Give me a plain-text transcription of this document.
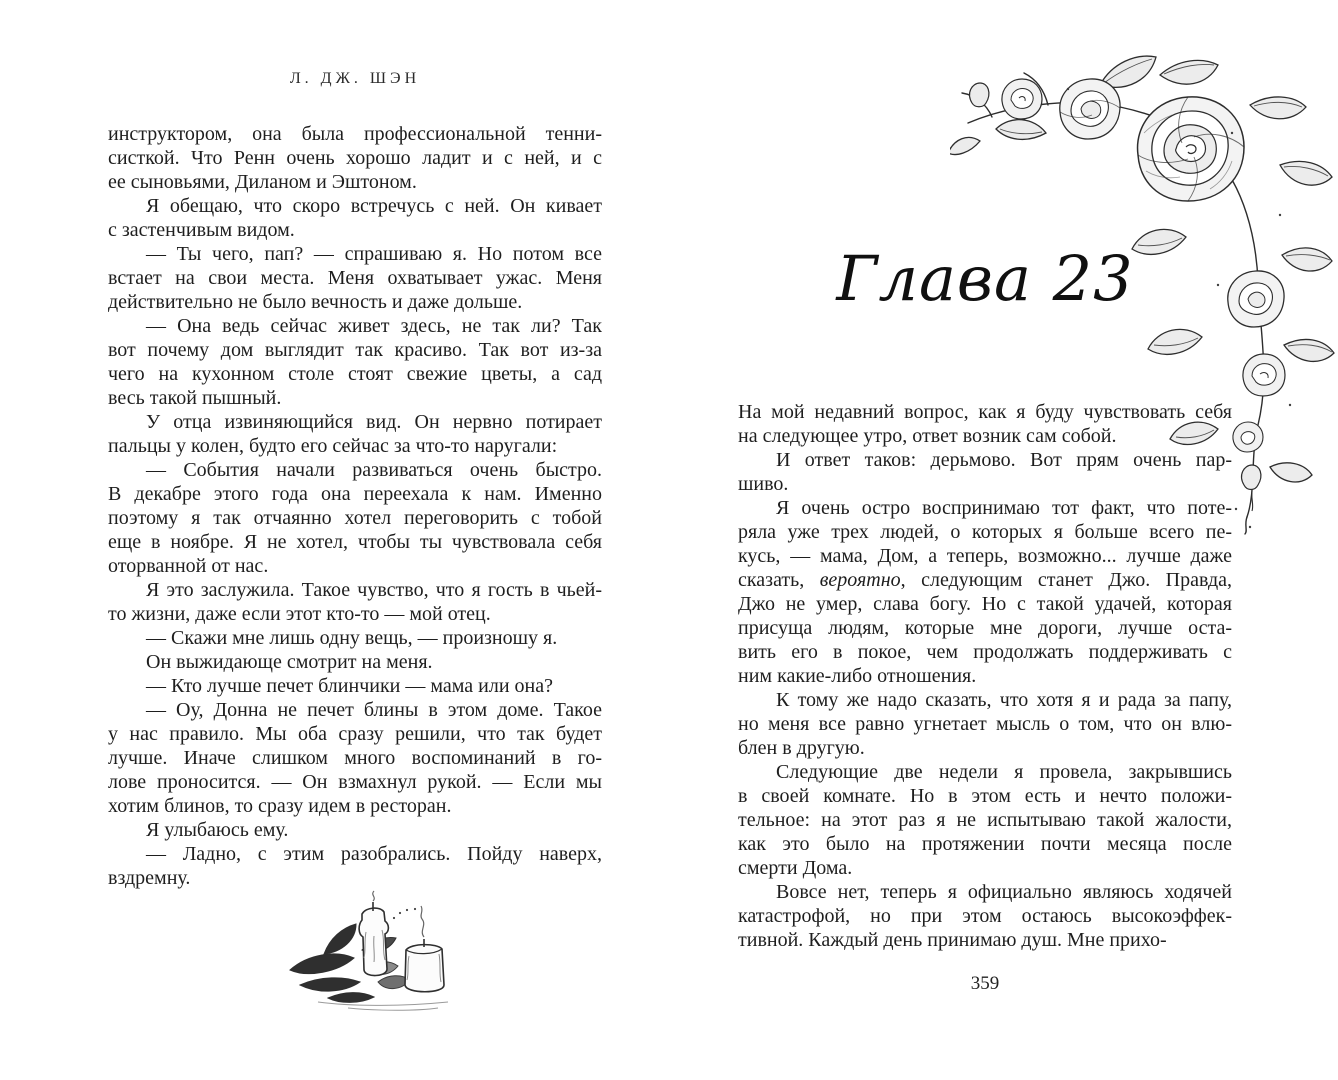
Л. ДЖ. ШЭН
инструктором, она была профессиональной тенни-
систкой. Что Ренн очень хорошо ладит и с ней, и с
ее сыновьями, Диланом и Эштоном.
Я обещаю, что скоро встречусь с ней. Он кивает
с застенчивым видом.
— Ты чего, пап? — спрашиваю я. Но потом все
встает на свои места. Меня охватывает ужас. Меня
действительно не было вечность и даже дольше.
— Она ведь сейчас живет здесь, не так ли? Так
вот почему дом выглядит так красиво. Так вот из-за
чего на кухонном столе стоят свежие цветы, а сад
весь такой пышный.
У отца извиняющийся вид. Он нервно потирает
пальцы у колен, будто его сейчас за что-то наругали:
— События начали развиваться очень быстро.
В декабре этого года она переехала к нам. Именно
поэтому я так отчаянно хотел переговорить с тобой
еще в ноябре. Я не хотел, чтобы ты чувствовала себя
оторванной от нас.
Я это заслужила. Такое чувство, что я гость в чьей-
то жизни, даже если этот кто-то — мой отец.
— Скажи мне лишь одну вещь, — произношу я.
Он выжидающе смотрит на меня.
— Кто лучше печет блинчики — мама или она?
— Оу, Донна не печет блины в этом доме. Такое
у нас правило. Мы оба сразу решили, что так будет
лучше. Иначе слишком много воспоминаний в го-
лове проносится. — Он взмахнул рукой. — Если мы
хотим блинов, то сразу идем в ресторан.
Я улыбаюсь ему.
— Ладно, с этим разобрались. Пойду наверх,
вздремну.
Глава 23
На мой недавний вопрос, как я буду чувствовать себя
на следующее утро, ответ возник сам собой.
И ответ таков: дерьмово. Вот прям очень пар-
шиво.
Я очень остро воспринимаю тот факт, что поте-
ряла уже трех людей, о которых я больше всего пе-
кусь, — мама, Дом, а теперь, возможно... лучше даже
сказать, вероятно, следующим станет Джо. Правда,
Джо не умер, слава богу. Но с такой удачей, которая
присуща людям, которые мне дороги, лучше оста-
вить его в покое, чем продолжать поддерживать с
ним какие-либо отношения.
К тому же надо сказать, что хотя я и рада за папу,
но меня все равно угнетает мысль о том, что он влю-
блен в другую.
Следующие две недели я провела, закрывшись
в своей комнате. Но в этом есть и нечто положи-
тельное: на этот раз я не испытываю такой жалости,
как это было на протяжении почти месяца после
смерти Дома.
Вовсе нет, теперь я официально являюсь ходячей
катастрофой, но при этом остаюсь высокоэффек-
тивной. Каждый день принимаю душ. Мне прихо-
359
